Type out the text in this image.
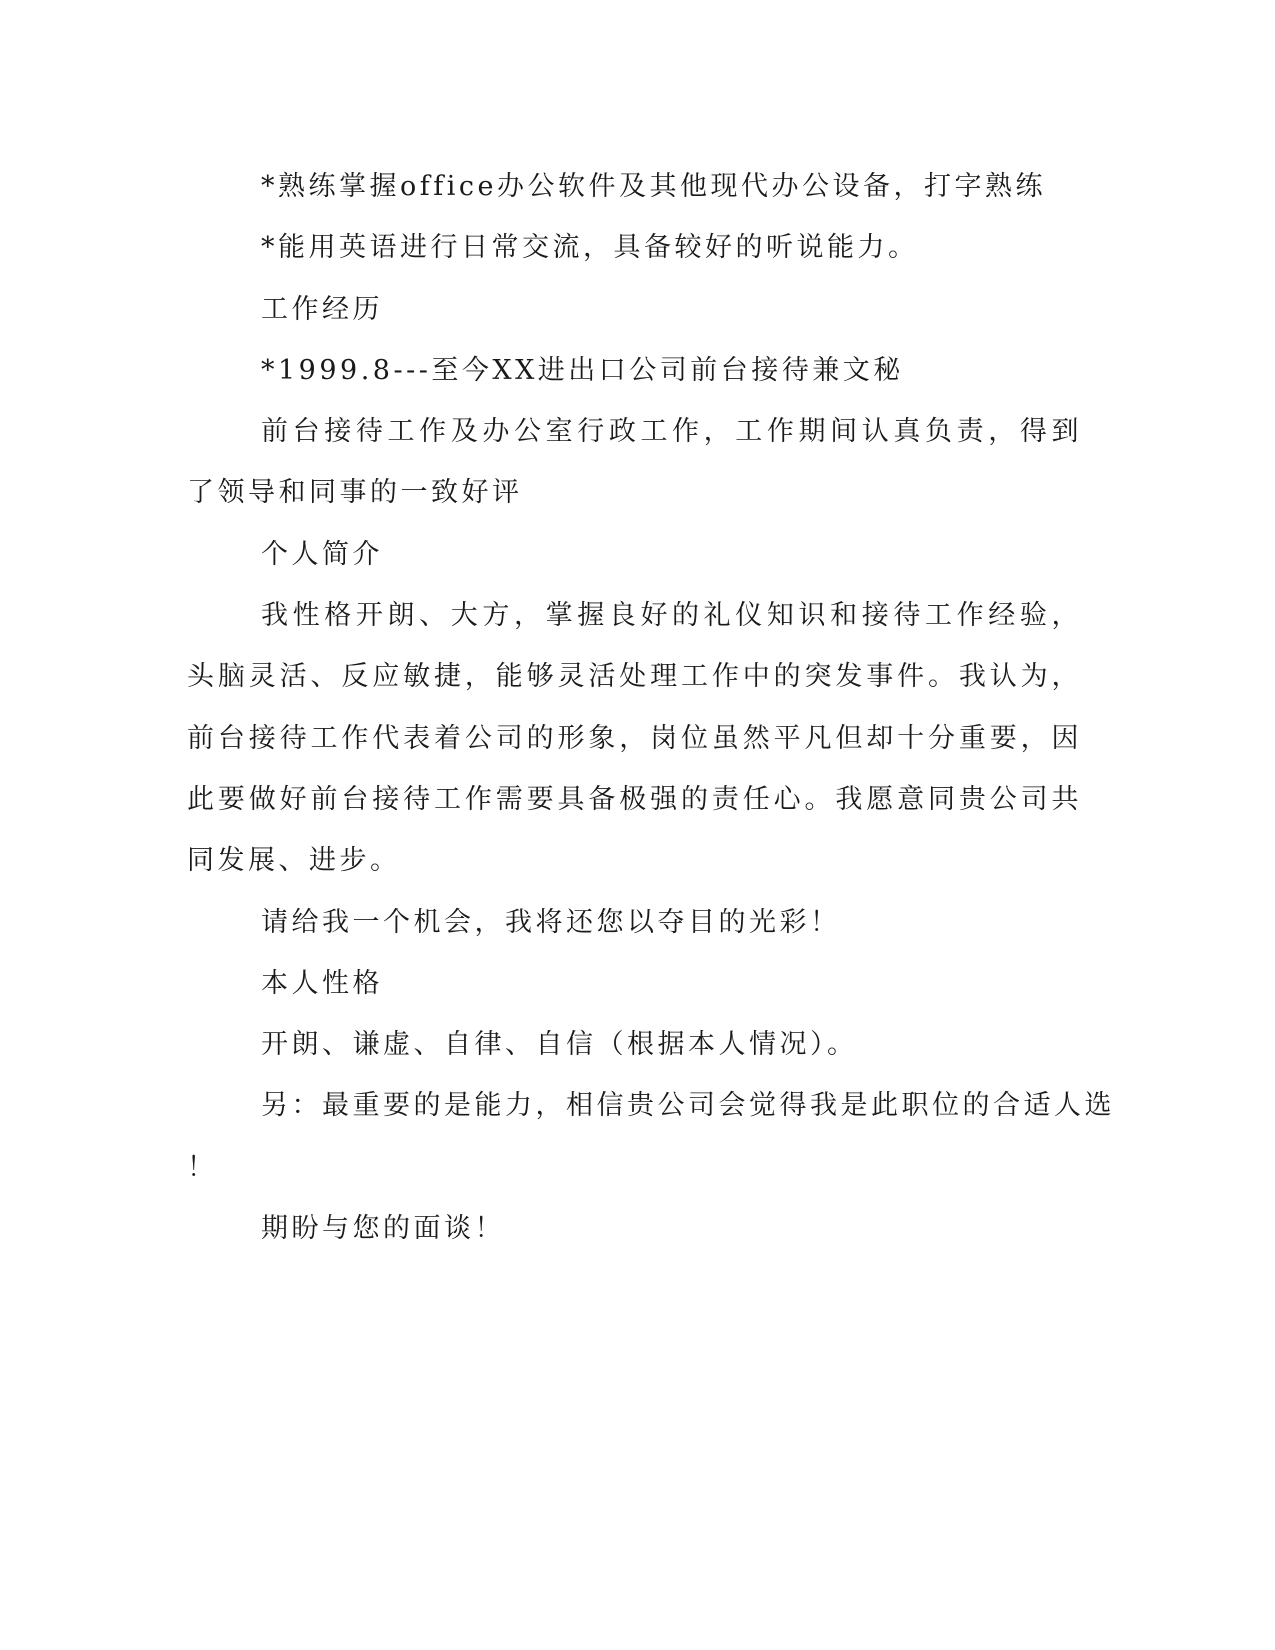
*熟练掌握office办公软件及其他现代办公设备，打字熟练

*能用英语进行日常交流，具备较好的听说能力。

工作经历

*1999.8---至今XX进出口公司前台接待兼文秘

前台接待工作及办公室行政工作，工作期间认真负责，得到了领导和同事的一致好评

个人简介

我性格开朗、大方，掌握良好的礼仪知识和接待工作经验，头脑灵活、反应敏捷，能够灵活处理工作中的突发事件。我认为，前台接待工作代表着公司的形象，岗位虽然平凡但却十分重要，因此要做好前台接待工作需要具备极强的责任心。我愿意同贵公司共同发展、进步。

请给我一个机会，我将还您以夺目的光彩！

本人性格

开朗、谦虚、自律、自信（根据本人情况）。

另：最重要的是能力，相信贵公司会觉得我是此职位的合适人选

！

期盼与您的面谈！
